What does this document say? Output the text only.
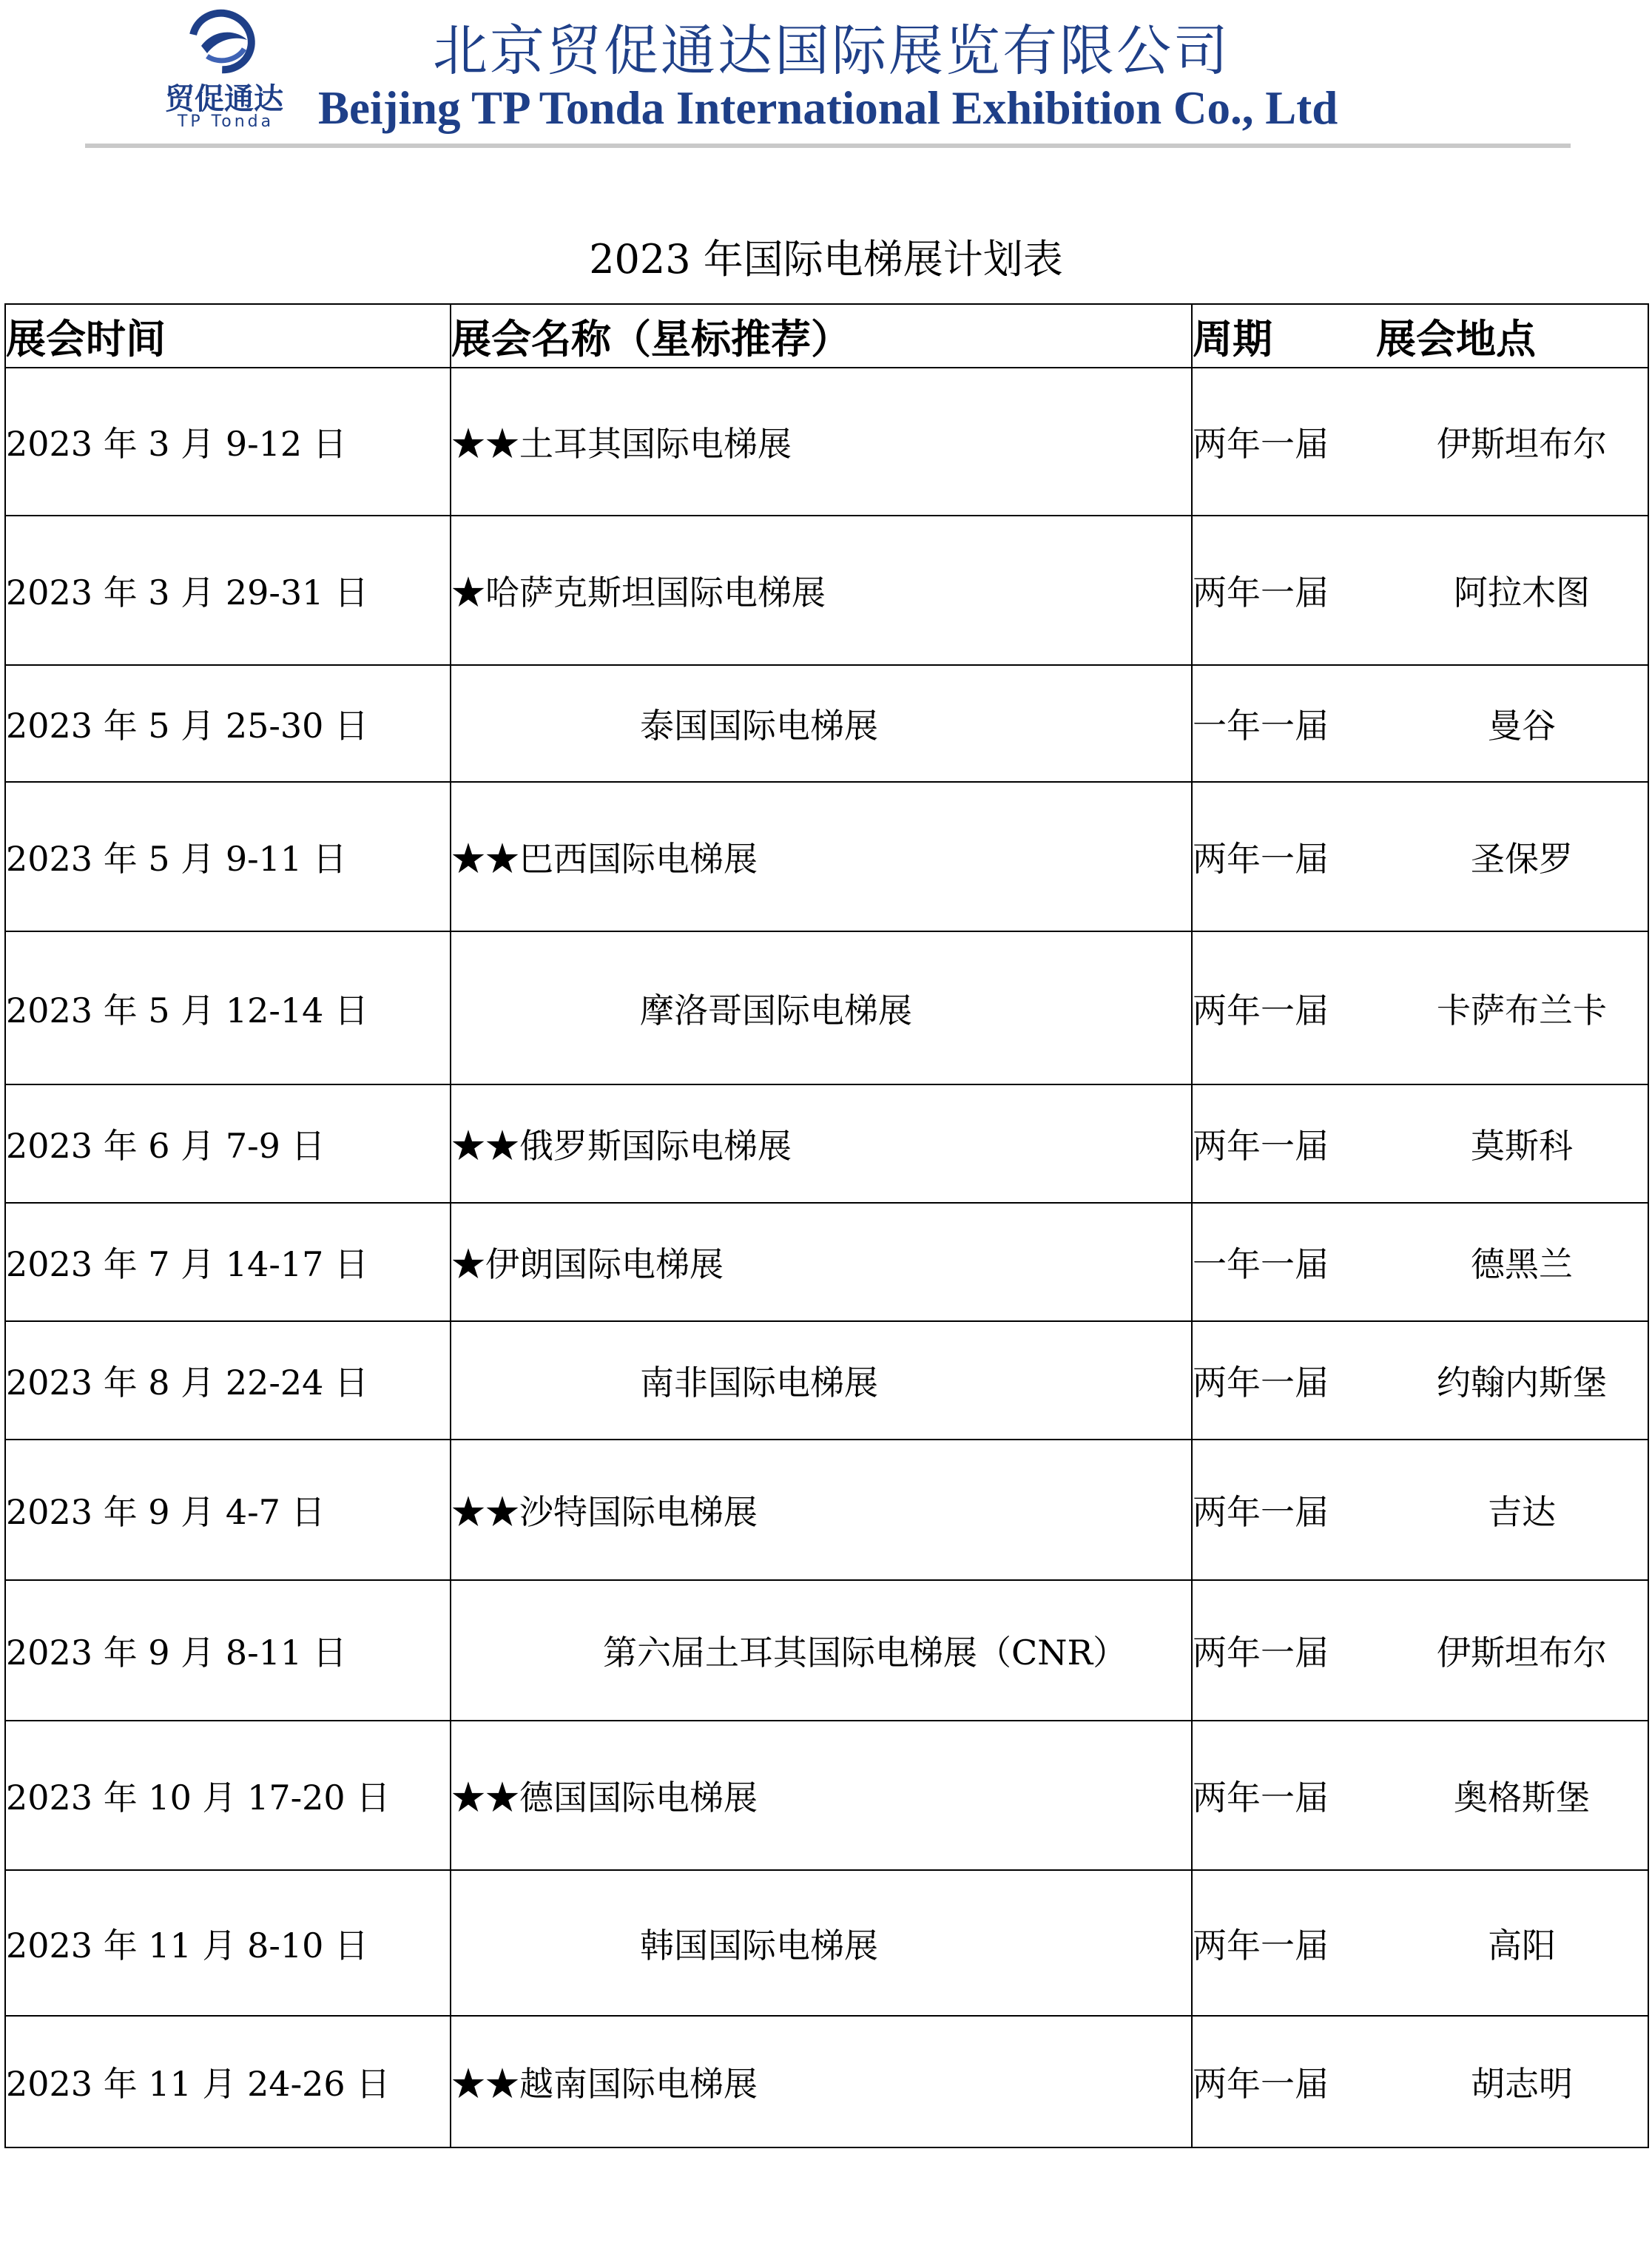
贸促通达
TP Tonda
北京贸促通达国际展览有限公司
Beijing TP Tonda International Exhibition Co., Ltd
2023 年国际电梯展计划表
展会时间	展会名称（星标推荐）	周期 展会地点
2023 年 3 月 9-12 日	★★土耳其国际电梯展	两年一届 伊斯坦布尔

2023 年 3 月 29-31 日	★哈萨克斯坦国际电梯展	两年一届 阿拉木图

2023 年 5 月 25-30 日	泰国国际电梯展	一年一届 曼谷

2023 年 5 月 9-11 日	★★巴西国际电梯展	两年一届 圣保罗

2023 年 5 月 12-14 日	摩洛哥国际电梯展	两年一届 卡萨布兰卡

2023 年 6 月 7-9 日	★★俄罗斯国际电梯展	两年一届 莫斯科

2023 年 7 月 14-17 日	★伊朗国际电梯展	一年一届 德黑兰

2023 年 8 月 22-24 日	南非国际电梯展	两年一届 约翰内斯堡

2023 年 9 月 4-7 日	★★沙特国际电梯展	两年一届 吉达

2023 年 9 月 8-11 日	第六届土耳其国际电梯展（CNR）	两年一届 伊斯坦布尔

2023 年 10 月 17-20 日	★★德国国际电梯展	两年一届 奥格斯堡

2023 年 11 月 8-10 日	韩国国际电梯展	两年一届 高阳

2023 年 11 月 24-26 日	★★越南国际电梯展	两年一届 胡志明
